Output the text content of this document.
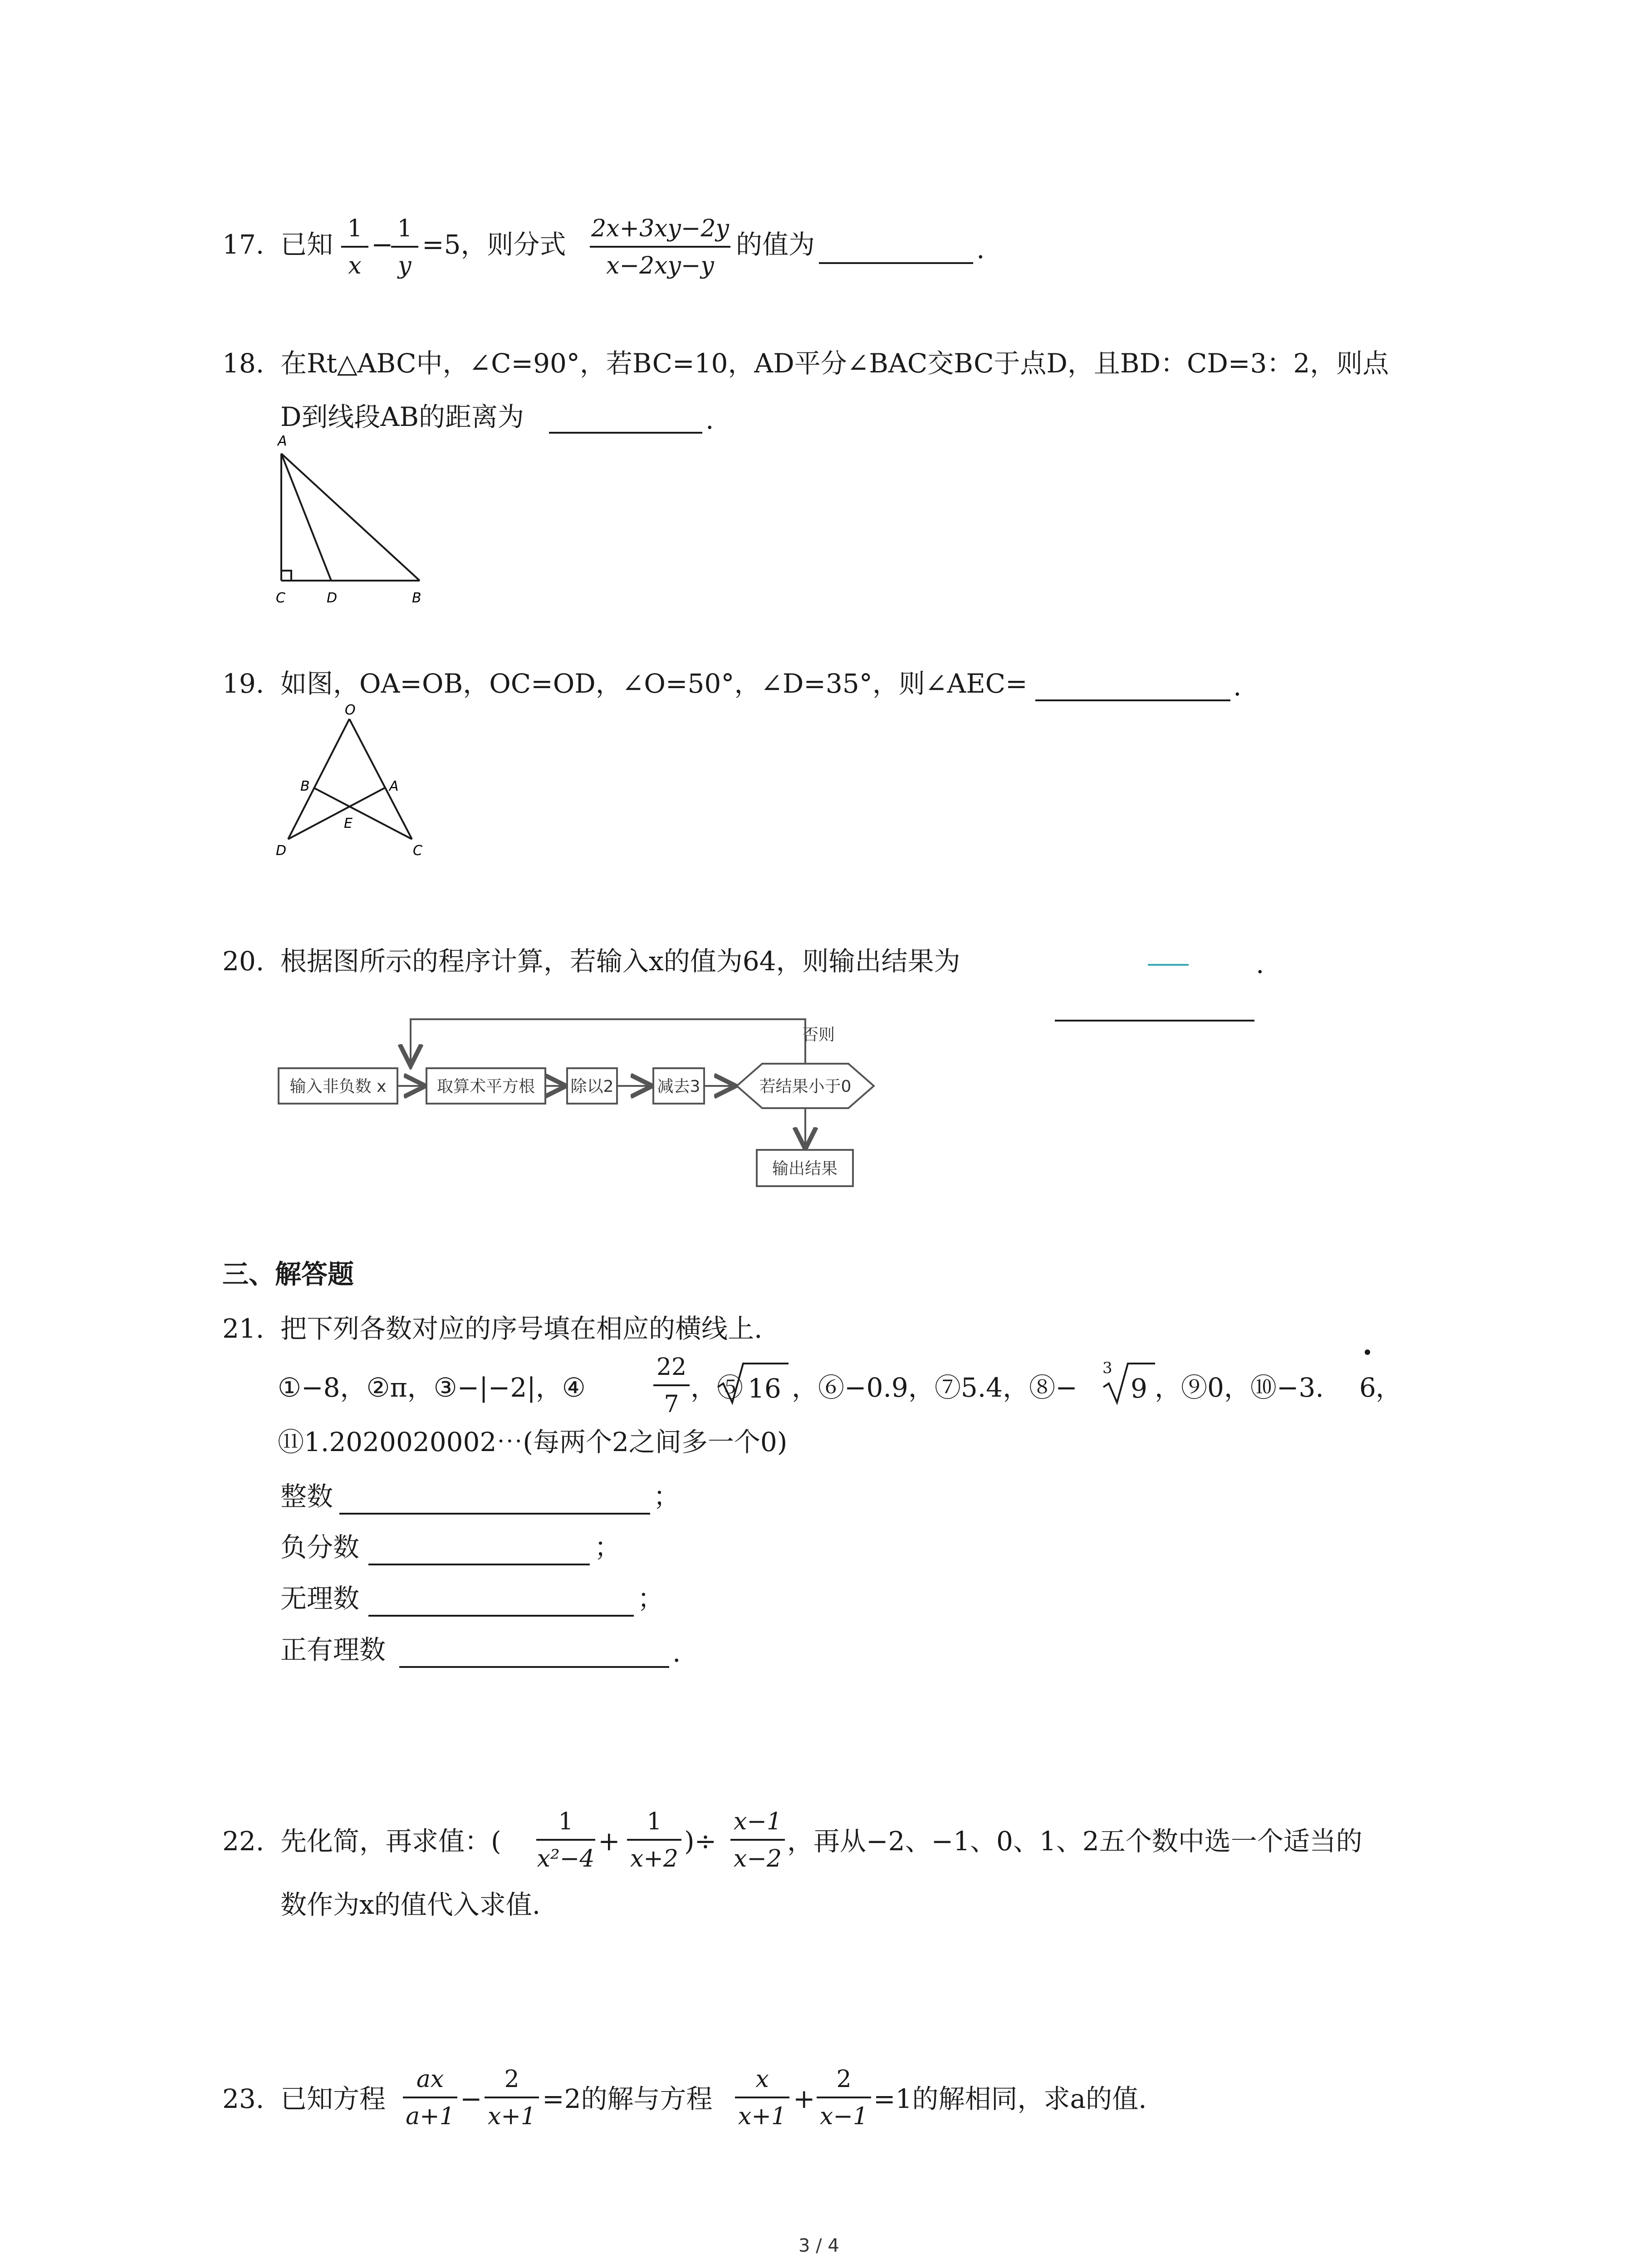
17. 已知
1
x
−
1
y
=5，则分式
2x+3xy−2y
x−2xy−y
的值为	.
18. 在Rt△ABC中，∠C=90°，若BC=10，AD平分∠BAC交BC于点D，且BD：CD=3：2，则点
D到线段AB的距离为	.
A
C	D	B
19. 如图，OA=OB，OC=OD，∠O=50°，∠D=35°，则∠AEC=	.
O
B	A
E
D	C
20. 根据图所示的程序计算，若输入x的值为64，则输出结果为	.
否则
输入非负数 x	取算术平方根 除以2	减去3	若结果小于0
输出结果
三、解答题
21. 把下列各数对应的序号填在相应的横线上.
①−8，②π，③−|−2|，④
22
7
，⑤ 16 ，⑥−0.9，⑦5.4，⑧−
3
9 ，⑨0，⑩−3. 6 ，
⑪1.2020020002⋯(每两个2之间多一个0)
整数	；
负分数	；
无理数	；
正有理数	.
22. 先化简，再求值：(
1
x²−4
+
1
x+2
)÷
x−1
x−2
，再从−2、−1、0、1、2五个数中选一个适当的
数作为x的值代入求值.
23. 已知方程
ax
a+1
−
2
x+1
=2的解与方程
x
x+1
+
2
x−1
=1的解相同，求a的值.
3 / 4
